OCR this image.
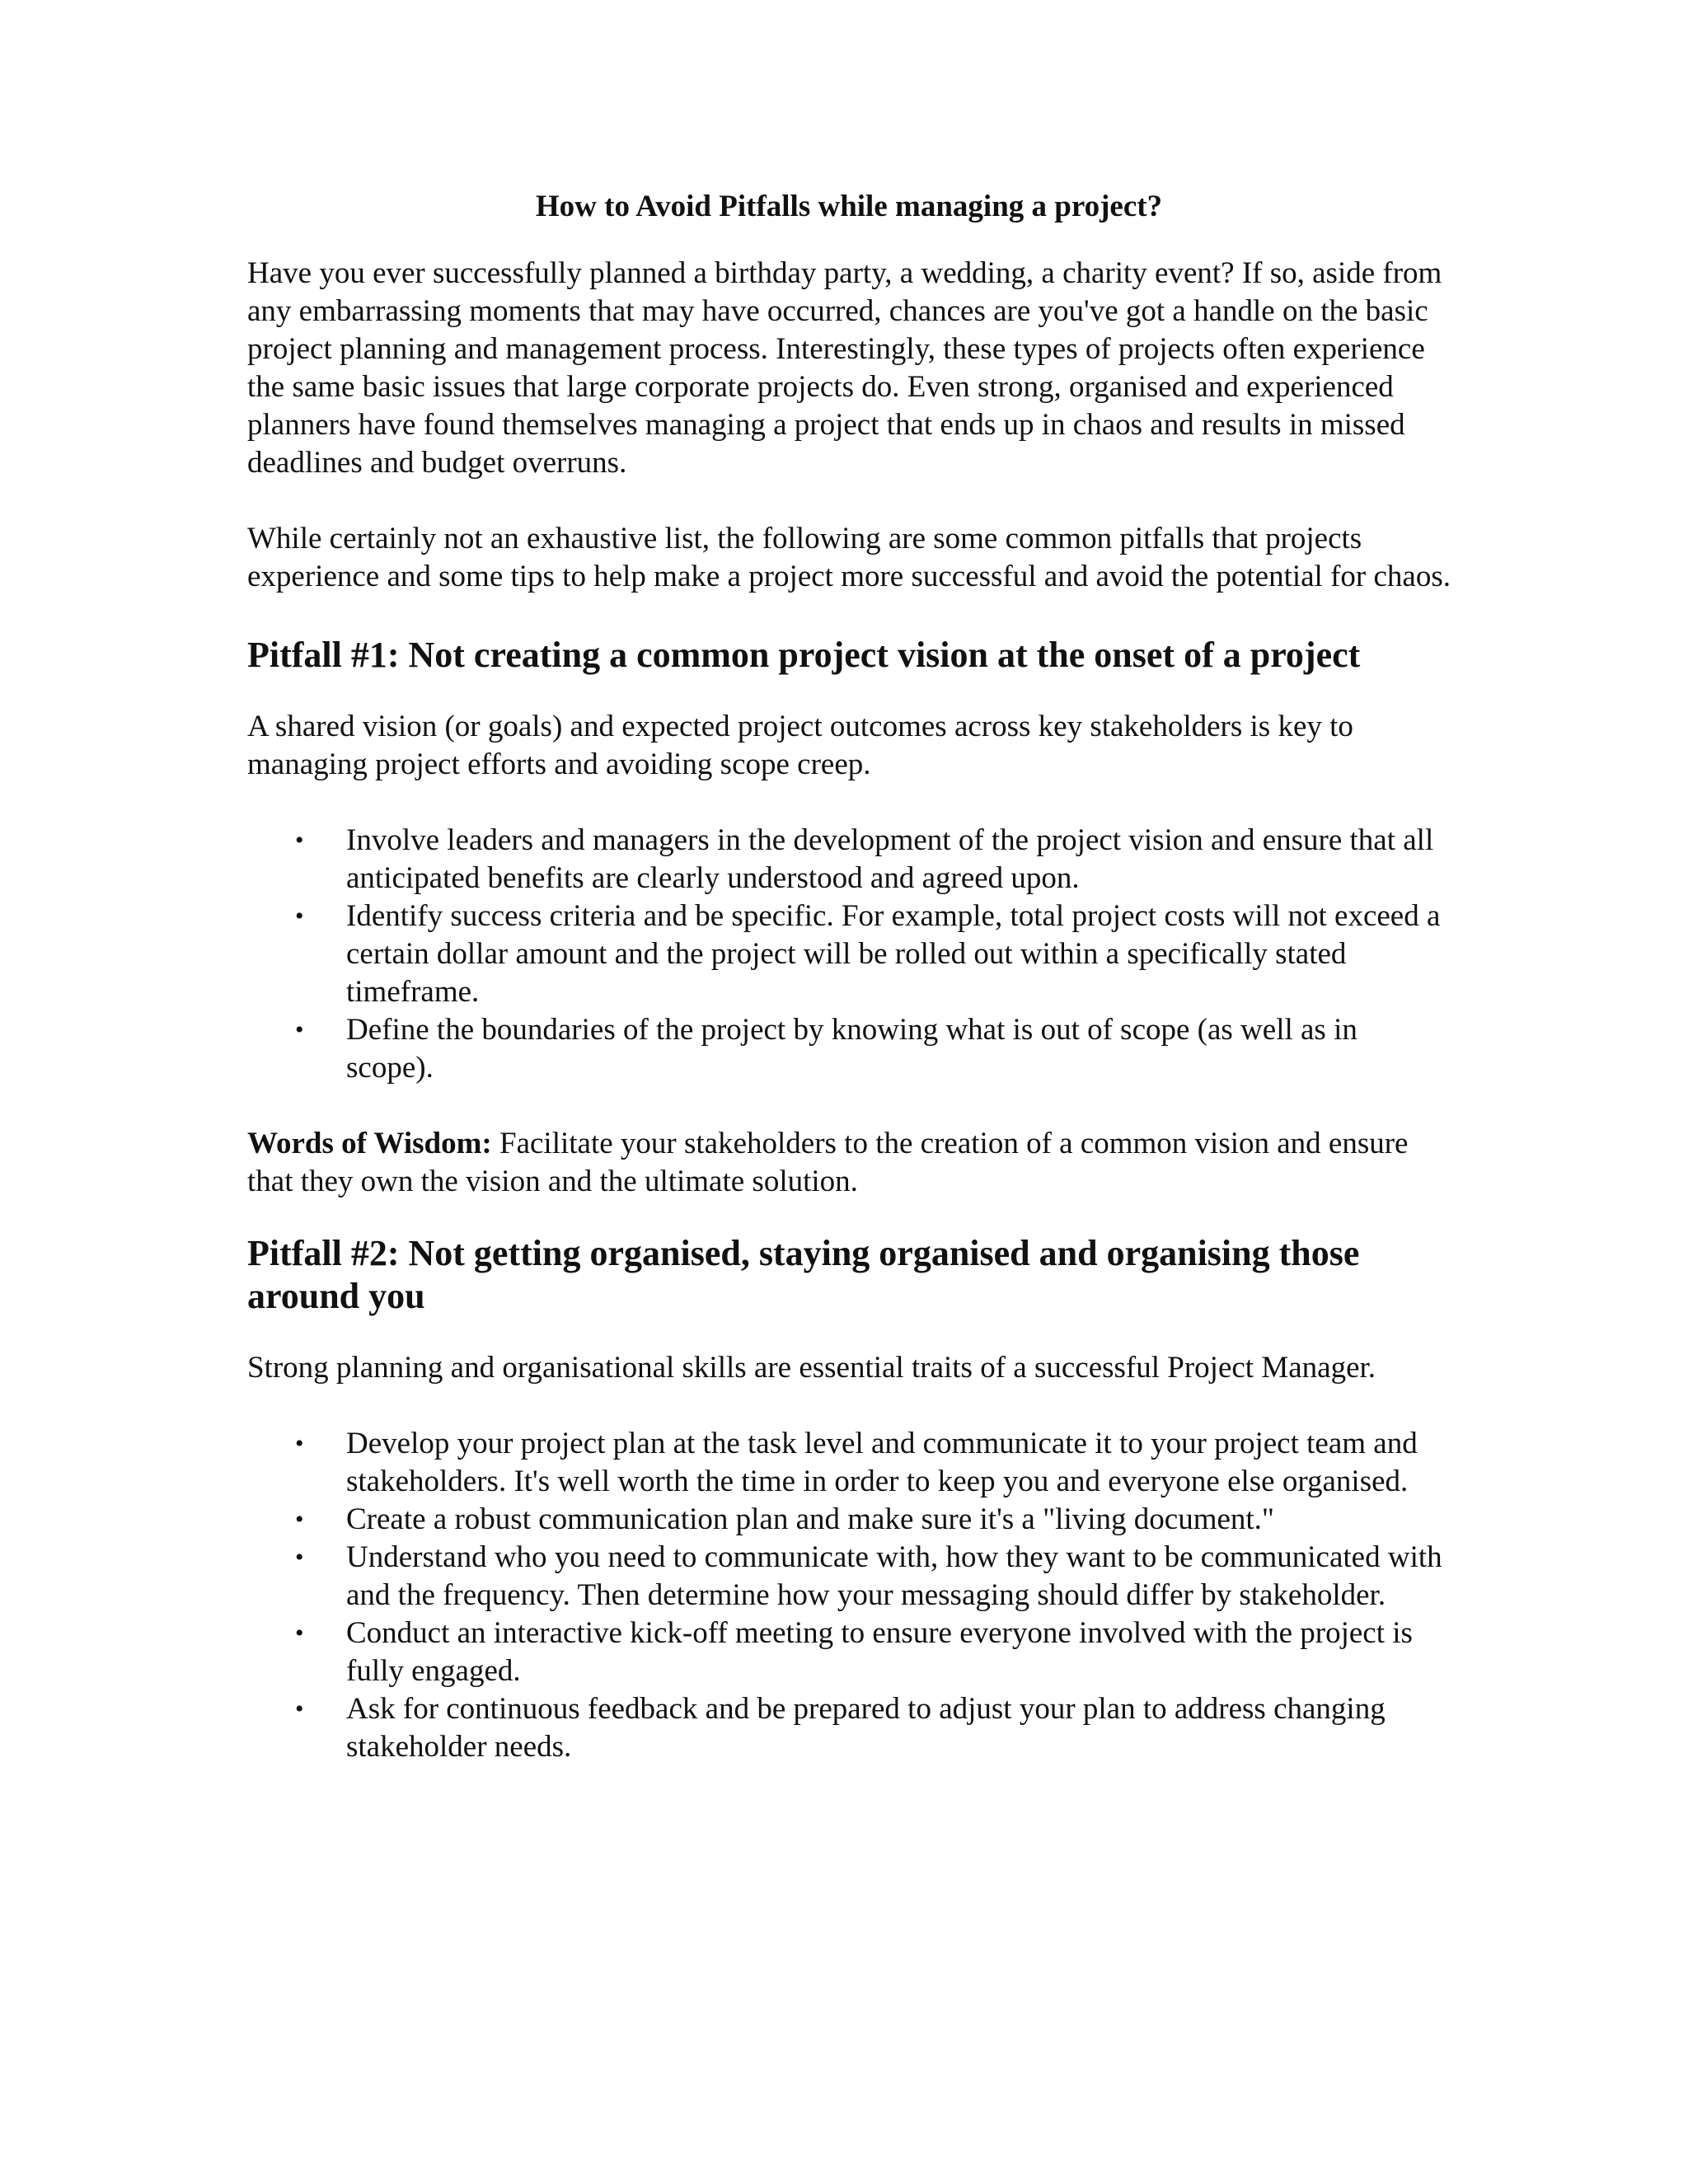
How to Avoid Pitfalls while managing a project?

Have you ever successfully planned a birthday party, a wedding, a charity event? If so, aside from any embarrassing moments that may have occurred, chances are you've got a handle on the basic project planning and management process. Interestingly, these types of projects often experience the same basic issues that large corporate projects do. Even strong, organised and experienced planners have found themselves managing a project that ends up in chaos and results in missed deadlines and budget overruns.

While certainly not an exhaustive list, the following are some common pitfalls that projects experience and some tips to help make a project more successful and avoid the potential for chaos.

Pitfall #1: Not creating a common project vision at the onset of a project

A shared vision (or goals) and expected project outcomes across key stakeholders is key to managing project efforts and avoiding scope creep.

• Involve leaders and managers in the development of the project vision and ensure that all anticipated benefits are clearly understood and agreed upon.
• Identify success criteria and be specific. For example, total project costs will not exceed a certain dollar amount and the project will be rolled out within a specifically stated timeframe.
• Define the boundaries of the project by knowing what is out of scope (as well as in scope).

Words of Wisdom: Facilitate your stakeholders to the creation of a common vision and ensure that they own the vision and the ultimate solution.

Pitfall #2: Not getting organised, staying organised and organising those around you

Strong planning and organisational skills are essential traits of a successful Project Manager.

• Develop your project plan at the task level and communicate it to your project team and stakeholders. It's well worth the time in order to keep you and everyone else organised.
• Create a robust communication plan and make sure it's a "living document."
• Understand who you need to communicate with, how they want to be communicated with and the frequency. Then determine how your messaging should differ by stakeholder.
• Conduct an interactive kick-off meeting to ensure everyone involved with the project is fully engaged.
• Ask for continuous feedback and be prepared to adjust your plan to address changing stakeholder needs.
